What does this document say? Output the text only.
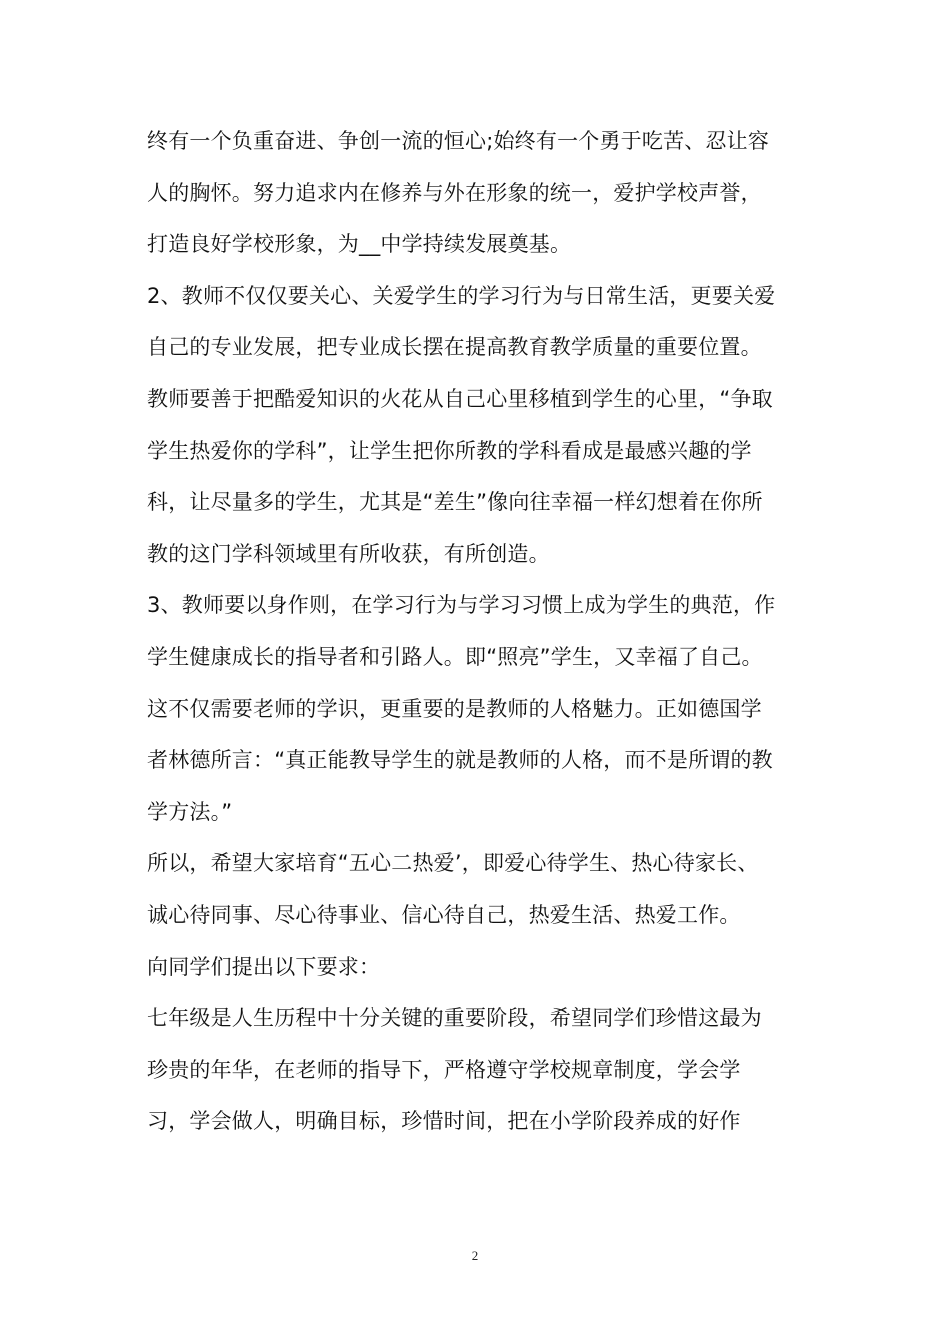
终有一个负重奋进、争创一流的恒心;始终有一个勇于吃苦、忍让容
人的胸怀。努力追求内在修养与外在形象的统一，爱护学校声誉，
打造良好学校形象，为__中学持续发展奠基。
2、教师不仅仅要关心、关爱学生的学习行为与日常生活，更要关爱
自己的专业发展，把专业成长摆在提高教育教学质量的重要位置。
教师要善于把酷爱知识的火花从自己心里移植到学生的心里，“争取
学生热爱你的学科”，让学生把你所教的学科看成是最感兴趣的学
科，让尽量多的学生，尤其是“差生”像向往幸福一样幻想着在你所
教的这门学科领域里有所收获，有所创造。
3、教师要以身作则，在学习行为与学习习惯上成为学生的典范，作
学生健康成长的指导者和引路人。即“照亮”学生，又幸福了自己。
这不仅需要老师的学识，更重要的是教师的人格魅力。正如德国学
者林德所言：“真正能教导学生的就是教师的人格，而不是所谓的教
学方法。”
所以，希望大家培育“五心二热爱’，即爱心待学生、热心待家长、
诚心待同事、尽心待事业、信心待自己，热爱生活、热爱工作。
向同学们提出以下要求：
七年级是人生历程中十分关键的重要阶段，希望同学们珍惜这最为
珍贵的年华，在老师的指导下，严格遵守学校规章制度，学会学
习，学会做人，明确目标，珍惜时间，把在小学阶段养成的好作
2
